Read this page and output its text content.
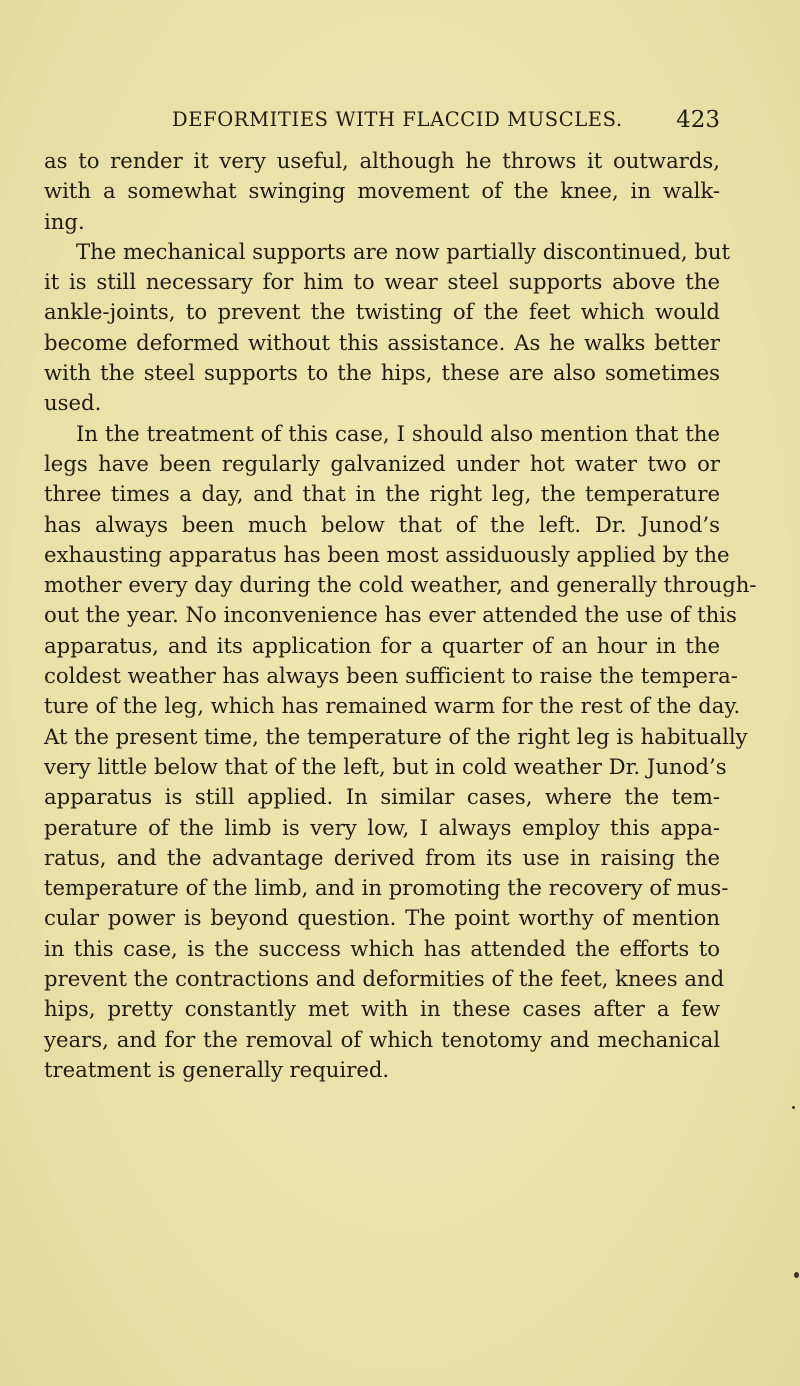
DEFORMITIES WITH FLACCID MUSCLES. 423
as to render it very useful, although he throws it outwards,
with a somewhat swinging movement of the knee, in walk-
ing.
The mechanical supports are now partially discontinued, but
it is still necessary for him to wear steel supports above the
ankle-joints, to prevent the twisting of the feet which would
become deformed without this assistance. As he walks better
with the steel supports to the hips, these are also sometimes
used.
In the treatment of this case, I should also mention that the
legs have been regularly galvanized under hot water two or
three times a day, and that in the right leg, the temperature
has always been much below that of the left. Dr. Junod’s
exhausting apparatus has been most assiduously applied by the
mother every day during the cold weather, and generally through-
out the year. No inconvenience has ever attended the use of this
apparatus, and its application for a quarter of an hour in the
coldest weather has always been sufficient to raise the tempera-
ture of the leg, which has remained warm for the rest of the day.
At the present time, the temperature of the right leg is habitually
very little below that of the left, but in cold weather Dr. Junod’s
apparatus is still applied. In similar cases, where the tem-
perature of the limb is very low, I always employ this appa-
ratus, and the advantage derived from its use in raising the
temperature of the limb, and in promoting the recovery of mus-
cular power is beyond question. The point worthy of mention
in this case, is the success which has attended the efforts to
prevent the contractions and deformities of the feet, knees and
hips, pretty constantly met with in these cases after a few
years, and for the removal of which tenotomy and mechanical
treatment is generally required.
